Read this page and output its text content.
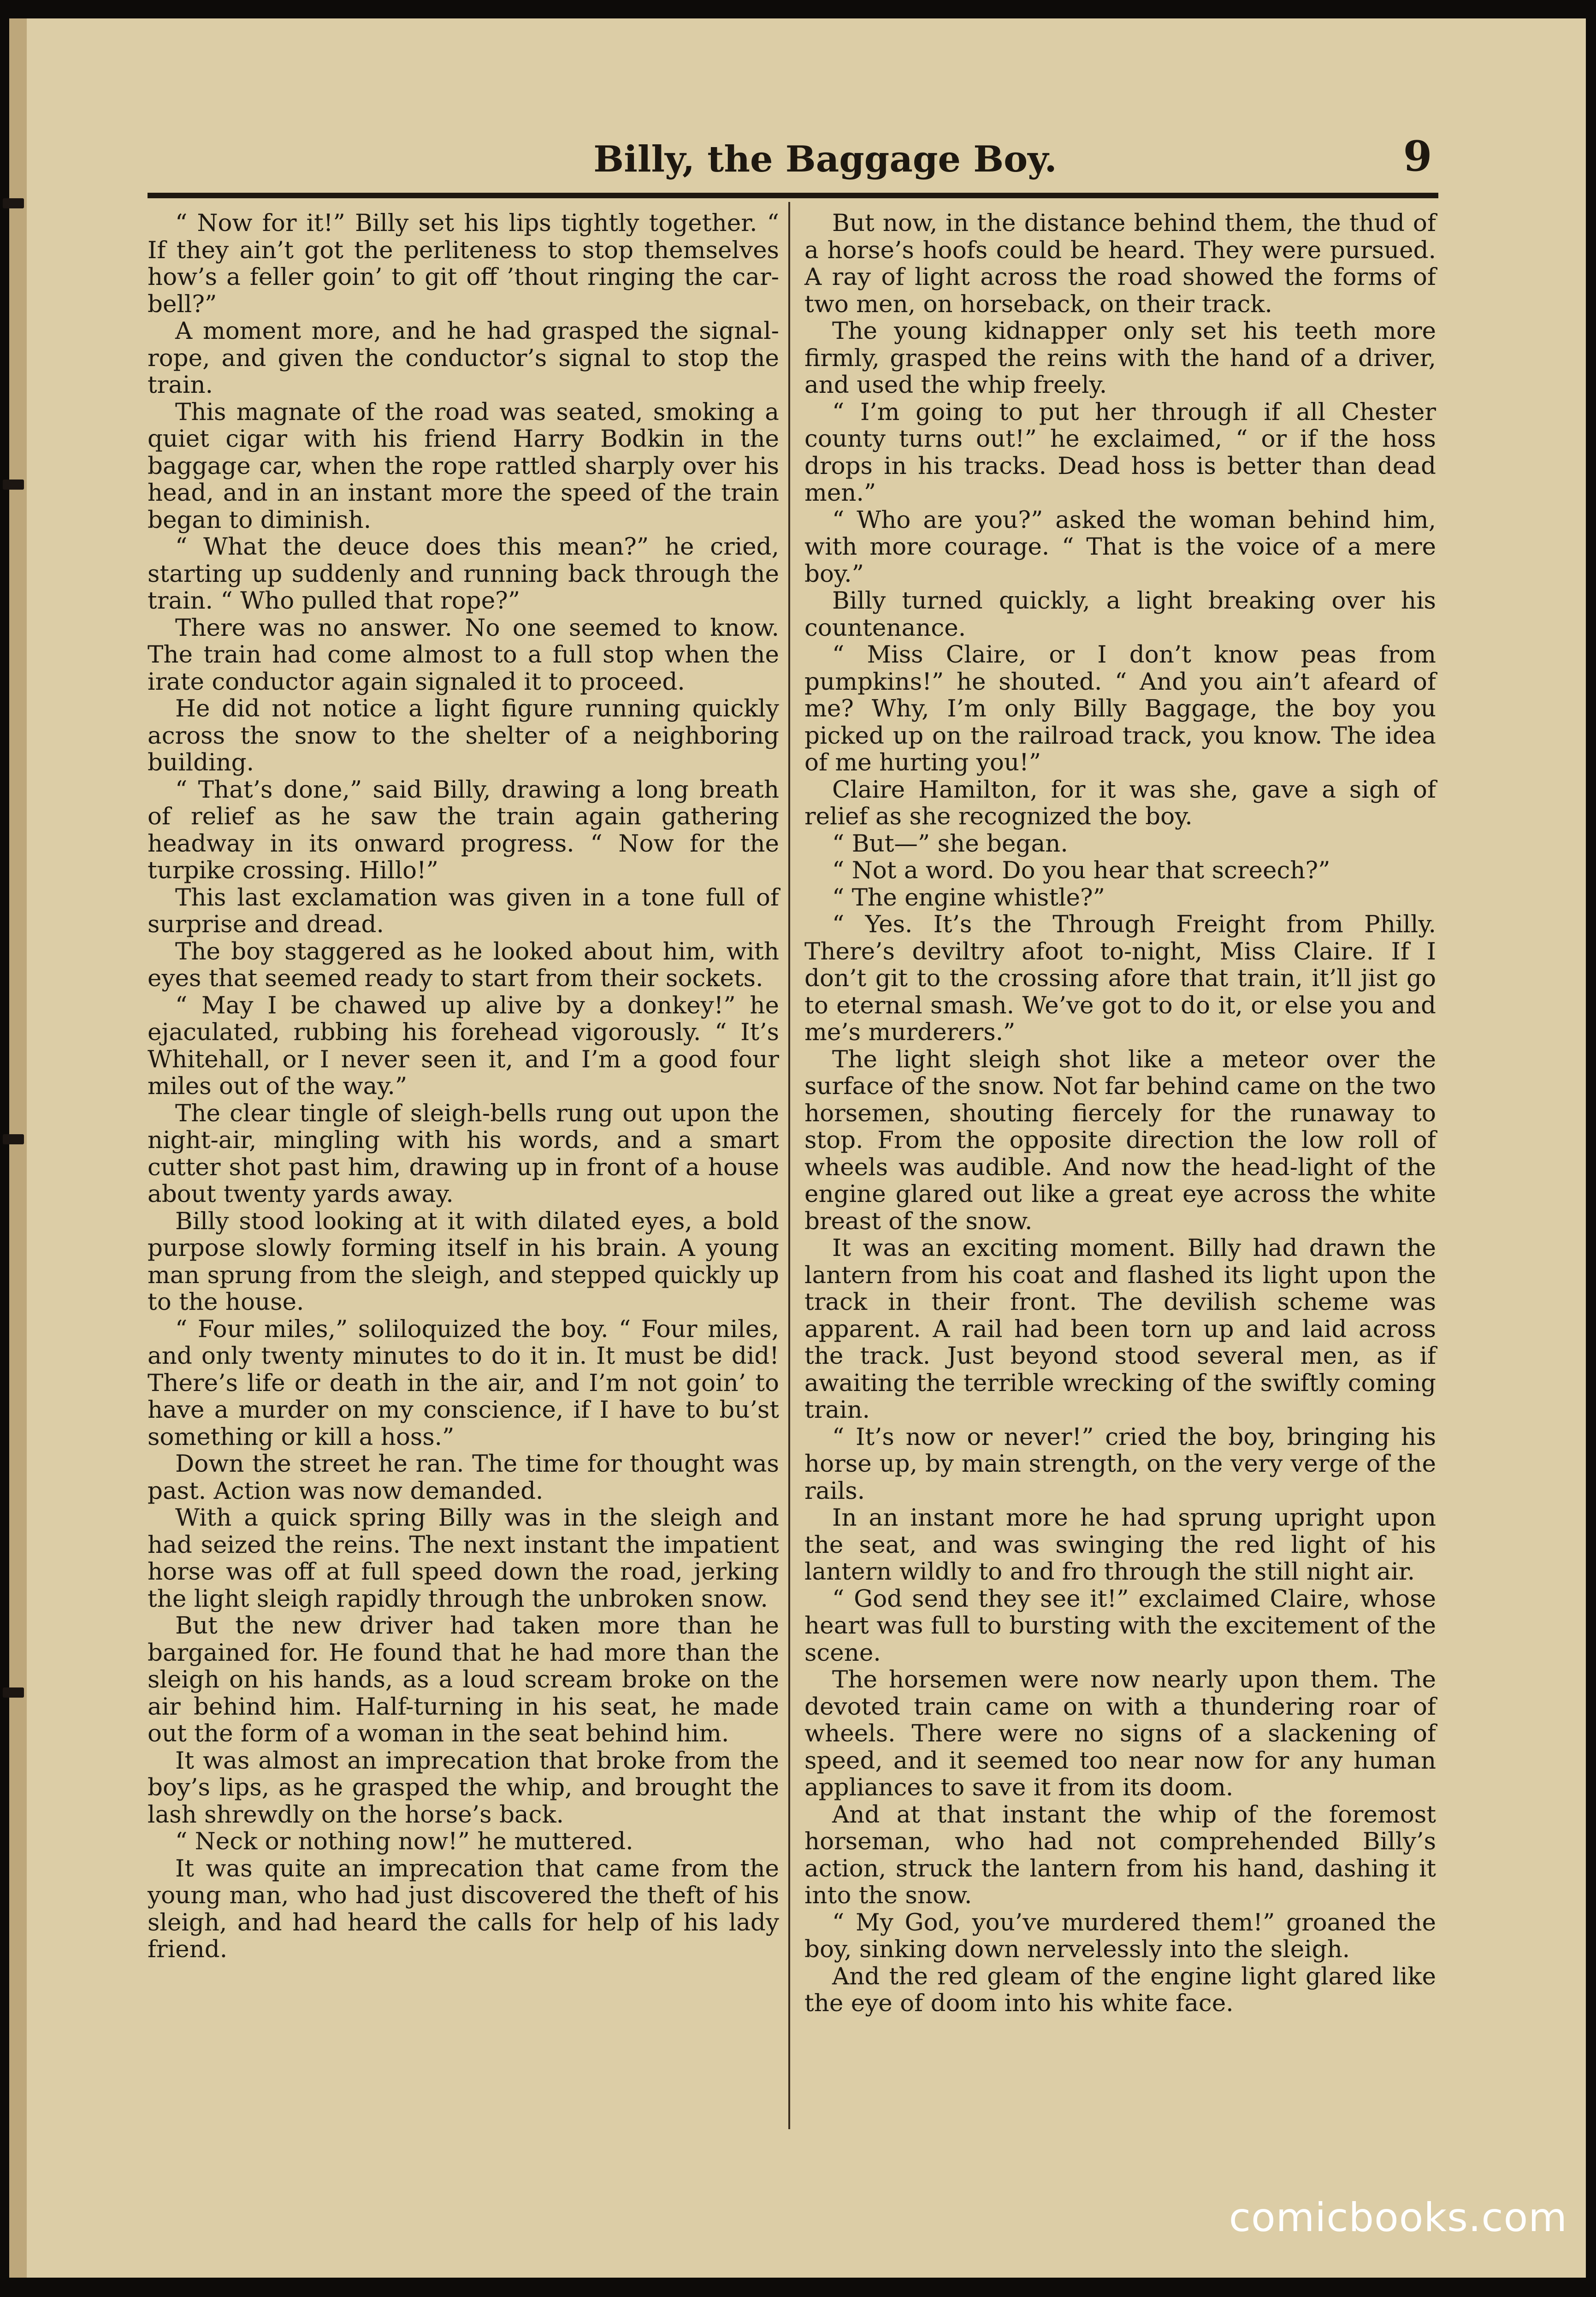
Billy, the Baggage Boy.	9

“ Now for it!” Billy set his lips tightly together. “ If they ain’t got the perliteness to stop themselves how’s a feller goin’ to git off ’thout ringing the car-bell?”

A moment more, and he had grasped the signal-rope, and given the conductor’s signal to stop the train.

This magnate of the road was seated, smoking a quiet cigar with his friend Harry Bodkin in the baggage car, when the rope rattled sharply over his head, and in an instant more the speed of the train began to diminish.

“ What the deuce does this mean?” he cried, starting up suddenly and running back through the train. “ Who pulled that rope?”

There was no answer. No one seemed to know. The train had come almost to a full stop when the irate conductor again signaled it to proceed.

He did not notice a light figure running quickly across the snow to the shelter of a neighboring building.

“ That’s done,” said Billy, drawing a long breath of relief as he saw the train again gathering headway in its onward progress. “ Now for the turpike crossing. Hillo!”

This last exclamation was given in a tone full of surprise and dread.

The boy staggered as he looked about him, with eyes that seemed ready to start from their sockets.

“ May I be chawed up alive by a donkey!” he ejaculated, rubbing his forehead vigorously. “ It’s Whitehall, or I never seen it, and I’m a good four miles out of the way.”

The clear tingle of sleigh-bells rung out upon the night-air, mingling with his words, and a smart cutter shot past him, drawing up in front of a house about twenty yards away.

Billy stood looking at it with dilated eyes, a bold purpose slowly forming itself in his brain. A young man sprung from the sleigh, and stepped quickly up to the house.

“ Four miles,” soliloquized the boy. “ Four miles, and only twenty minutes to do it in. It must be did! There’s life or death in the air, and I’m not goin’ to have a murder on my conscience, if I have to bu’st something or kill a hoss.”

Down the street he ran. The time for thought was past. Action was now demanded.

With a quick spring Billy was in the sleigh and had seized the reins. The next instant the impatient horse was off at full speed down the road, jerking the light sleigh rapidly through the unbroken snow.

But the new driver had taken more than he bargained for. He found that he had more than the sleigh on his hands, as a loud scream broke on the air behind him. Half-turning in his seat, he made out the form of a woman in the seat behind him.

It was almost an imprecation that broke from the boy’s lips, as he grasped the whip, and brought the lash shrewdly on the horse’s back.

“ Neck or nothing now!” he muttered.

It was quite an imprecation that came from the young man, who had just discovered the theft of his sleigh, and had heard the calls for help of his lady friend.

But now, in the distance behind them, the thud of a horse’s hoofs could be heard. They were pursued. A ray of light across the road showed the forms of two men, on horseback, on their track.

The young kidnapper only set his teeth more firmly, grasped the reins with the hand of a driver, and used the whip freely.

“ I’m going to put her through if all Chester county turns out!” he exclaimed, “ or if the hoss drops in his tracks. Dead hoss is better than dead men.”

“ Who are you?” asked the woman behind him, with more courage. “ That is the voice of a mere boy.”

Billy turned quickly, a light breaking over his countenance.

“ Miss Claire, or I don’t know peas from pumpkins!” he shouted. “ And you ain’t afeard of me? Why, I’m only Billy Baggage, the boy you picked up on the railroad track, you know. The idea of me hurting you!”

Claire Hamilton, for it was she, gave a sigh of relief as she recognized the boy.

“ But—” she began.

“ Not a word. Do you hear that screech?”

“ The engine whistle?”

“ Yes. It’s the Through Freight from Philly. There’s deviltry afoot to-night, Miss Claire. If I don’t git to the crossing afore that train, it’ll jist go to eternal smash. We’ve got to do it, or else you and me’s murderers.”

The light sleigh shot like a meteor over the surface of the snow. Not far behind came on the two horsemen, shouting fiercely for the runaway to stop. From the opposite direction the low roll of wheels was audible. And now the head-light of the engine glared out like a great eye across the white breast of the snow.

It was an exciting moment. Billy had drawn the lantern from his coat and flashed its light upon the track in their front. The devilish scheme was apparent. A rail had been torn up and laid across the track. Just beyond stood several men, as if awaiting the terrible wrecking of the swiftly coming train.

“ It’s now or never!” cried the boy, bringing his horse up, by main strength, on the very verge of the rails.

In an instant more he had sprung upright upon the seat, and was swinging the red light of his lantern wildly to and fro through the still night air.

“ God send they see it!” exclaimed Claire, whose heart was full to bursting with the excitement of the scene.

The horsemen were now nearly upon them. The devoted train came on with a thundering roar of wheels. There were no signs of a slackening of speed, and it seemed too near now for any human appliances to save it from its doom.

And at that instant the whip of the foremost horseman, who had not comprehended Billy’s action, struck the lantern from his hand, dashing it into the snow.

“ My God, you’ve murdered them!” groaned the boy, sinking down nervelessly into the sleigh.

And the red gleam of the engine light glared like the eye of doom into his white face.

comicbooks.com
